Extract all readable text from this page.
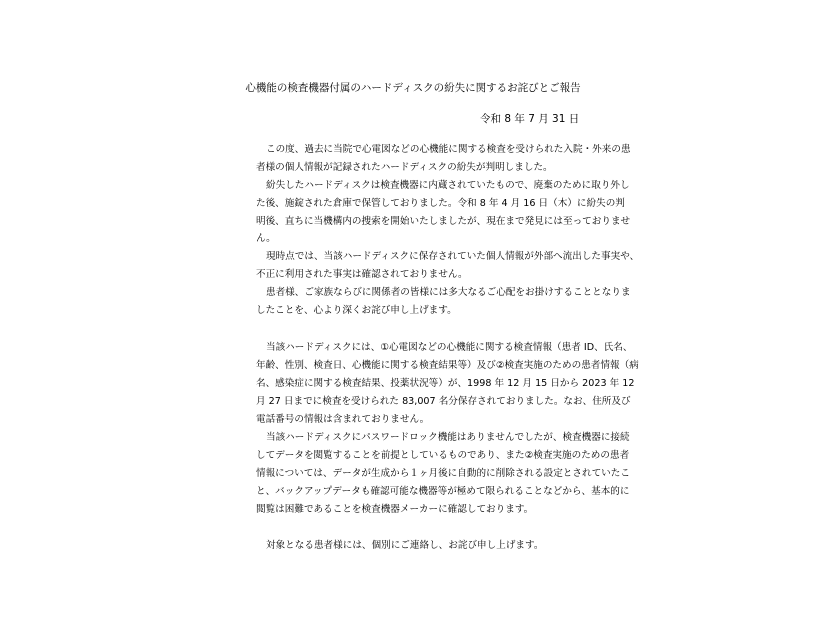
心機能の検査機器付属のハードディスクの紛失に関するお詫びとご報告
令和 8 年 7 月 31 日
この度、過去に当院で心電図などの心機能に関する検査を受けられた入院・外来の患
者様の個人情報が記録されたハードディスクの紛失が判明しました。
紛失したハードディスクは検査機器に内蔵されていたもので、廃棄のために取り外し
た後、施錠された倉庫で保管しておりました。令和 8 年 4 月 16 日（木）に紛失の判
明後、直ちに当機構内の捜索を開始いたしましたが、現在まで発見には至っておりませ
ん。
現時点では、当該ハードディスクに保存されていた個人情報が外部へ流出した事実や、
不正に利用された事実は確認されておりません。
患者様、ご家族ならびに関係者の皆様には多大なるご心配をお掛けすることとなりま
したことを、心より深くお詫び申し上げます。
当該ハードディスクには、①心電図などの心機能に関する検査情報（患者 ID、氏名、
年齢、性別、検査日、心機能に関する検査結果等）及び②検査実施のための患者情報（病
名、感染症に関する検査結果、投薬状況等）が、1998 年 12 月 15 日から 2023 年 12
月 27 日までに検査を受けられた 83,007 名分保存されておりました。なお、住所及び
電話番号の情報は含まれておりません。
当該ハードディスクにパスワードロック機能はありませんでしたが、検査機器に接続
してデータを閲覧することを前提としているものであり、また②検査実施のための患者
情報については、データが生成から１ヶ月後に自動的に削除される設定とされていたこ
と、バックアップデータも確認可能な機器等が極めて限られることなどから、基本的に
閲覧は困難であることを検査機器メーカーに確認しております。
対象となる患者様には、個別にご連絡し、お詫び申し上げます。
